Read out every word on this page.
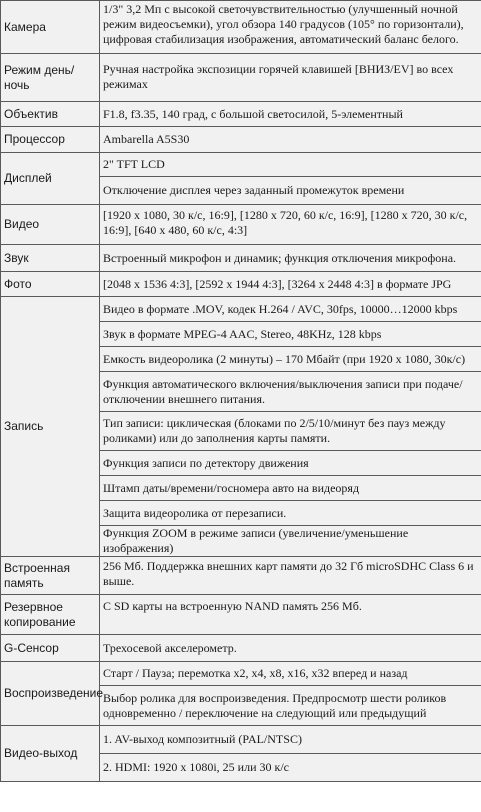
Камера	1/3" 3,2 Мп с высокой светочувствительностью (улучшенный ночной режим видеосъемки), угол обзора 140 градусов (105° по горизонтали), цифровая стабилизация изображения, автоматический баланс белого.
Режим день/ночь	Ручная настройка экспозиции горячей клавишей [ВНИЗ/EV] во всех режимах
Объектив	F1.8, f3.35, 140 град, с большой светосилой, 5-элементный
Процессор	Ambarella A5S30
Дисплей	2" TFT LCD
	Отключение дисплея через заданный промежуток времени
Видео	[1920 x 1080, 30 к/с, 16:9], [1280 x 720, 60 к/с, 16:9], [1280 x 720, 30 к/с, 16:9], [640 x 480, 60 к/с, 4:3]
Звук	Встроенный микрофон и динамик; функция отключения микрофона.
Фото	[2048 x 1536 4:3], [2592 x 1944 4:3], [3264 x 2448 4:3] в формате JPG
Запись	Видео в формате .MOV, кодек H.264 / AVC, 30fps, 10000…12000 kbps
	Звук в формате MPEG-4 AAC, Stereo, 48KHz, 128 kbps
	Емкость видеоролика (2 минуты) – 170 Мбайт (при 1920 x 1080, 30к/с)
	Функция автоматического включения/выключения записи при подаче/отключении внешнего питания.
	Тип записи: циклическая (блоками по 2/5/10/минут без пауз между роликами) или до заполнения карты памяти.
	Функция записи по детектору движения
	Штамп даты/времени/госномера авто на видеоряд
	Защита видеоролика от перезаписи.
	Функция ZOOM в режиме записи (увеличение/уменьшение изображения)
Встроенная память	256 Мб. Поддержка внешних карт памяти до 32 Гб microSDHC Class 6 и выше.
Резервное копирование	С SD карты на встроенную NAND память 256 Мб.
G-Сенсор	Трехосевой акселерометр.
Воспроизведение	Старт / Пауза; перемотка x2, x4, x8, x16, x32 вперед и назад
	Выбор ролика для воспроизведения. Предпросмотр шести роликов одновременно / переключение на следующий или предыдущий
Видео-выход	1. AV-выход композитный (PAL/NTSC)
	2. HDMI: 1920 x 1080i, 25 или 30 к/с
